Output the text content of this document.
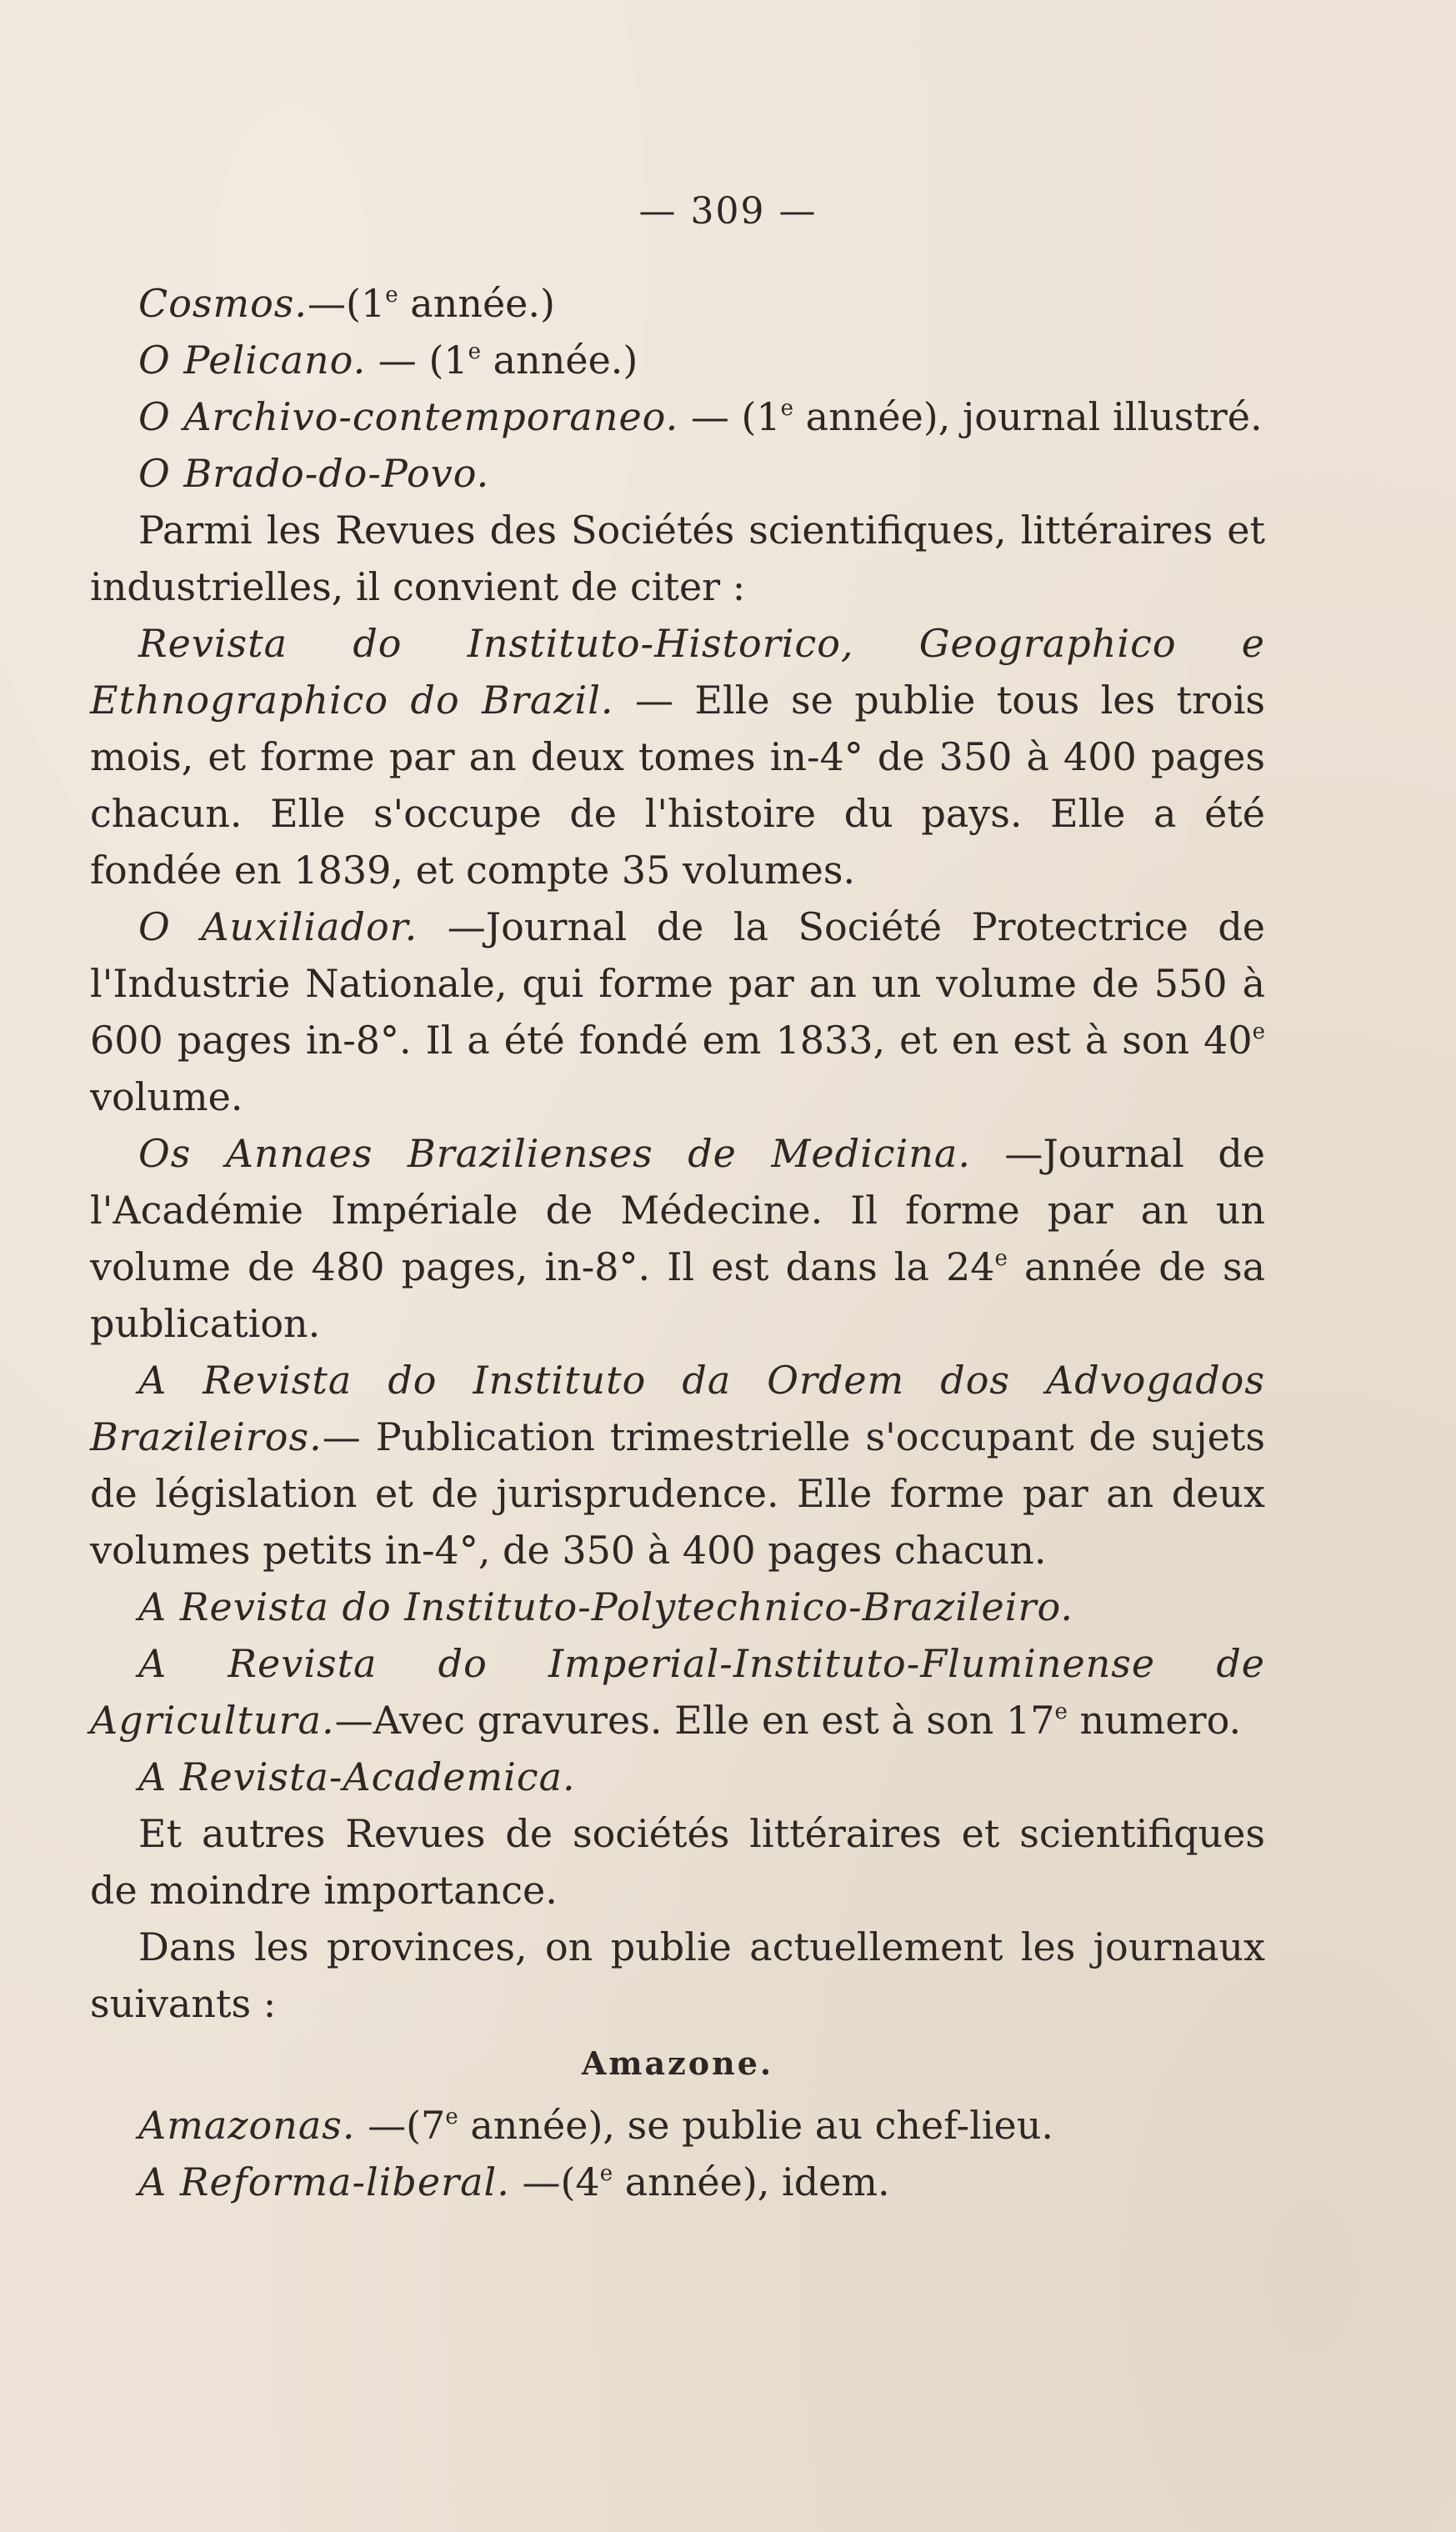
— 309 —

Cosmos.—(1e année.)

O Pelicano. — (1e année.)

O Archivo-contemporaneo. — (1e année), journal illustré.

O Brado-do-Povo.

Parmi les Revues des Sociétés scientifiques, littéraires et industrielles, il convient de citer :

Revista do Instituto-Historico, Geographico e Ethnographico do Brazil. — Elle se publie tous les trois mois, et forme par an deux tomes in-4° de 350 à 400 pages chacun. Elle s'occupe de l'histoire du pays. Elle a été fondée en 1839, et compte 35 volumes.

O Auxiliador. —Journal de la Société Protectrice de l'Industrie Nationale, qui forme par an un volume de 550 à 600 pages in-8°. Il a été fondé em 1833, et en est à son 40e volume.

Os Annaes Brazilienses de Medicina. —Journal de l'Académie Impériale de Médecine. Il forme par an un volume de 480 pages, in-8°. Il est dans la 24e année de sa publication.

A Revista do Instituto da Ordem dos Advogados Brazileiros.— Publication trimestrielle s'occupant de sujets de législation et de jurisprudence. Elle forme par an deux volumes petits in-4°, de 350 à 400 pages chacun.

A Revista do Instituto-Polytechnico-Brazileiro.

A Revista do Imperial-Instituto-Fluminense de Agricultura.—Avec gravures. Elle en est à son 17e numero.

A Revista-Academica.

Et autres Revues de sociétés littéraires et scientifiques de moindre importance.

Dans les provinces, on publie actuellement les journaux suivants :

Amazone.

Amazonas. —(7e année), se publie au chef-lieu.

A Reforma-liberal. —(4e année), idem.
